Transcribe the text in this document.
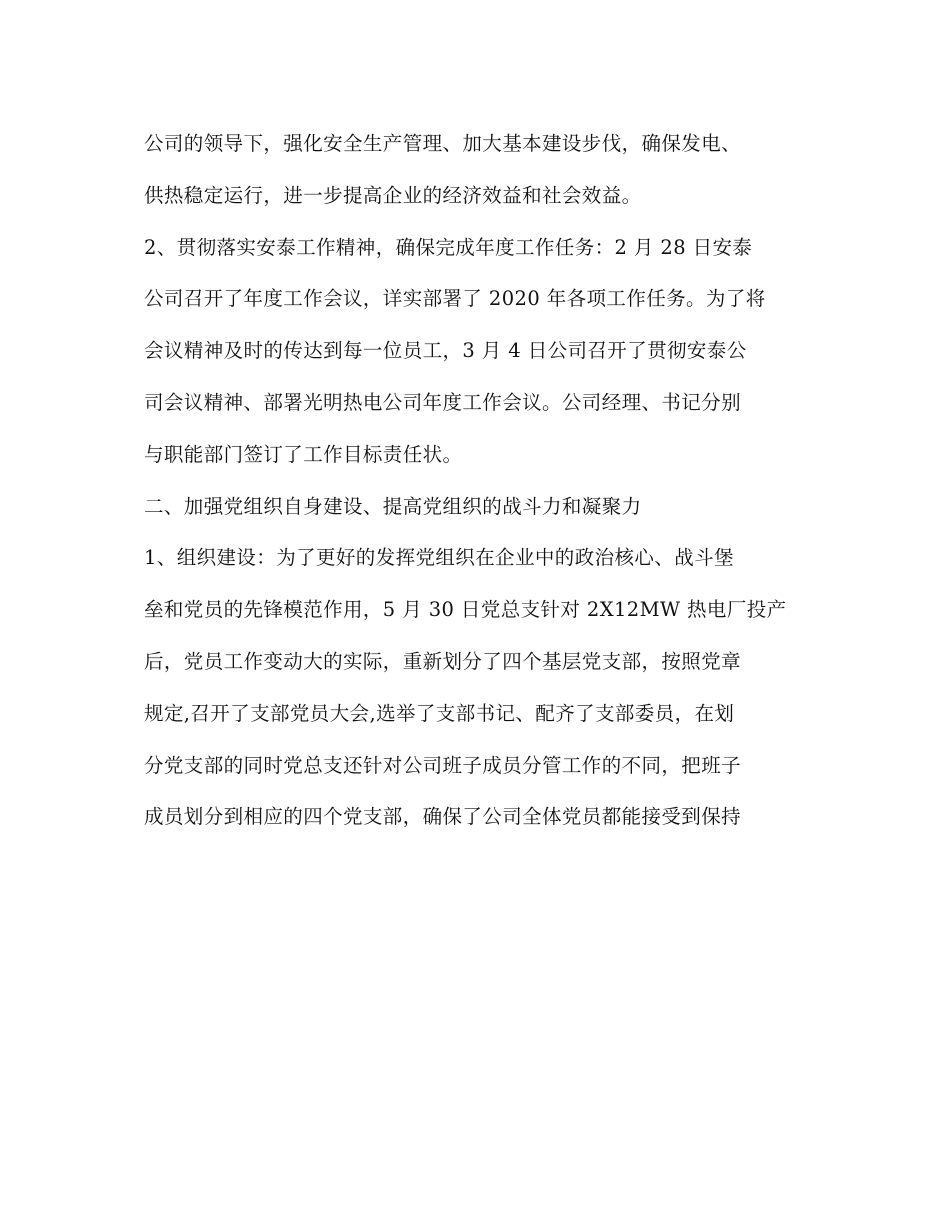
公司的领导下，强化安全生产管理、加大基本建设步伐，确保发电、
供热稳定运行，进一步提高企业的经济效益和社会效益。
2、贯彻落实安泰工作精神，确保完成年度工作任务：2 月 28 日安泰
公司召开了年度工作会议，详实部署了 2020 年各项工作任务。为了将
会议精神及时的传达到每一位员工，3 月 4 日公司召开了贯彻安泰公
司会议精神、部署光明热电公司年度工作会议。公司经理、书记分别
与职能部门签订了工作目标责任状。
二、加强党组织自身建设、提高党组织的战斗力和凝聚力
1、组织建设：为了更好的发挥党组织在企业中的政治核心、战斗堡
垒和党员的先锋模范作用，5 月 30 日党总支针对 2X12MW 热电厂投产
后，党员工作变动大的实际，重新划分了四个基层党支部，按照党章
规定,召开了支部党员大会,选举了支部书记、配齐了支部委员，在划
分党支部的同时党总支还针对公司班子成员分管工作的不同，把班子
成员划分到相应的四个党支部，确保了公司全体党员都能接受到保持
